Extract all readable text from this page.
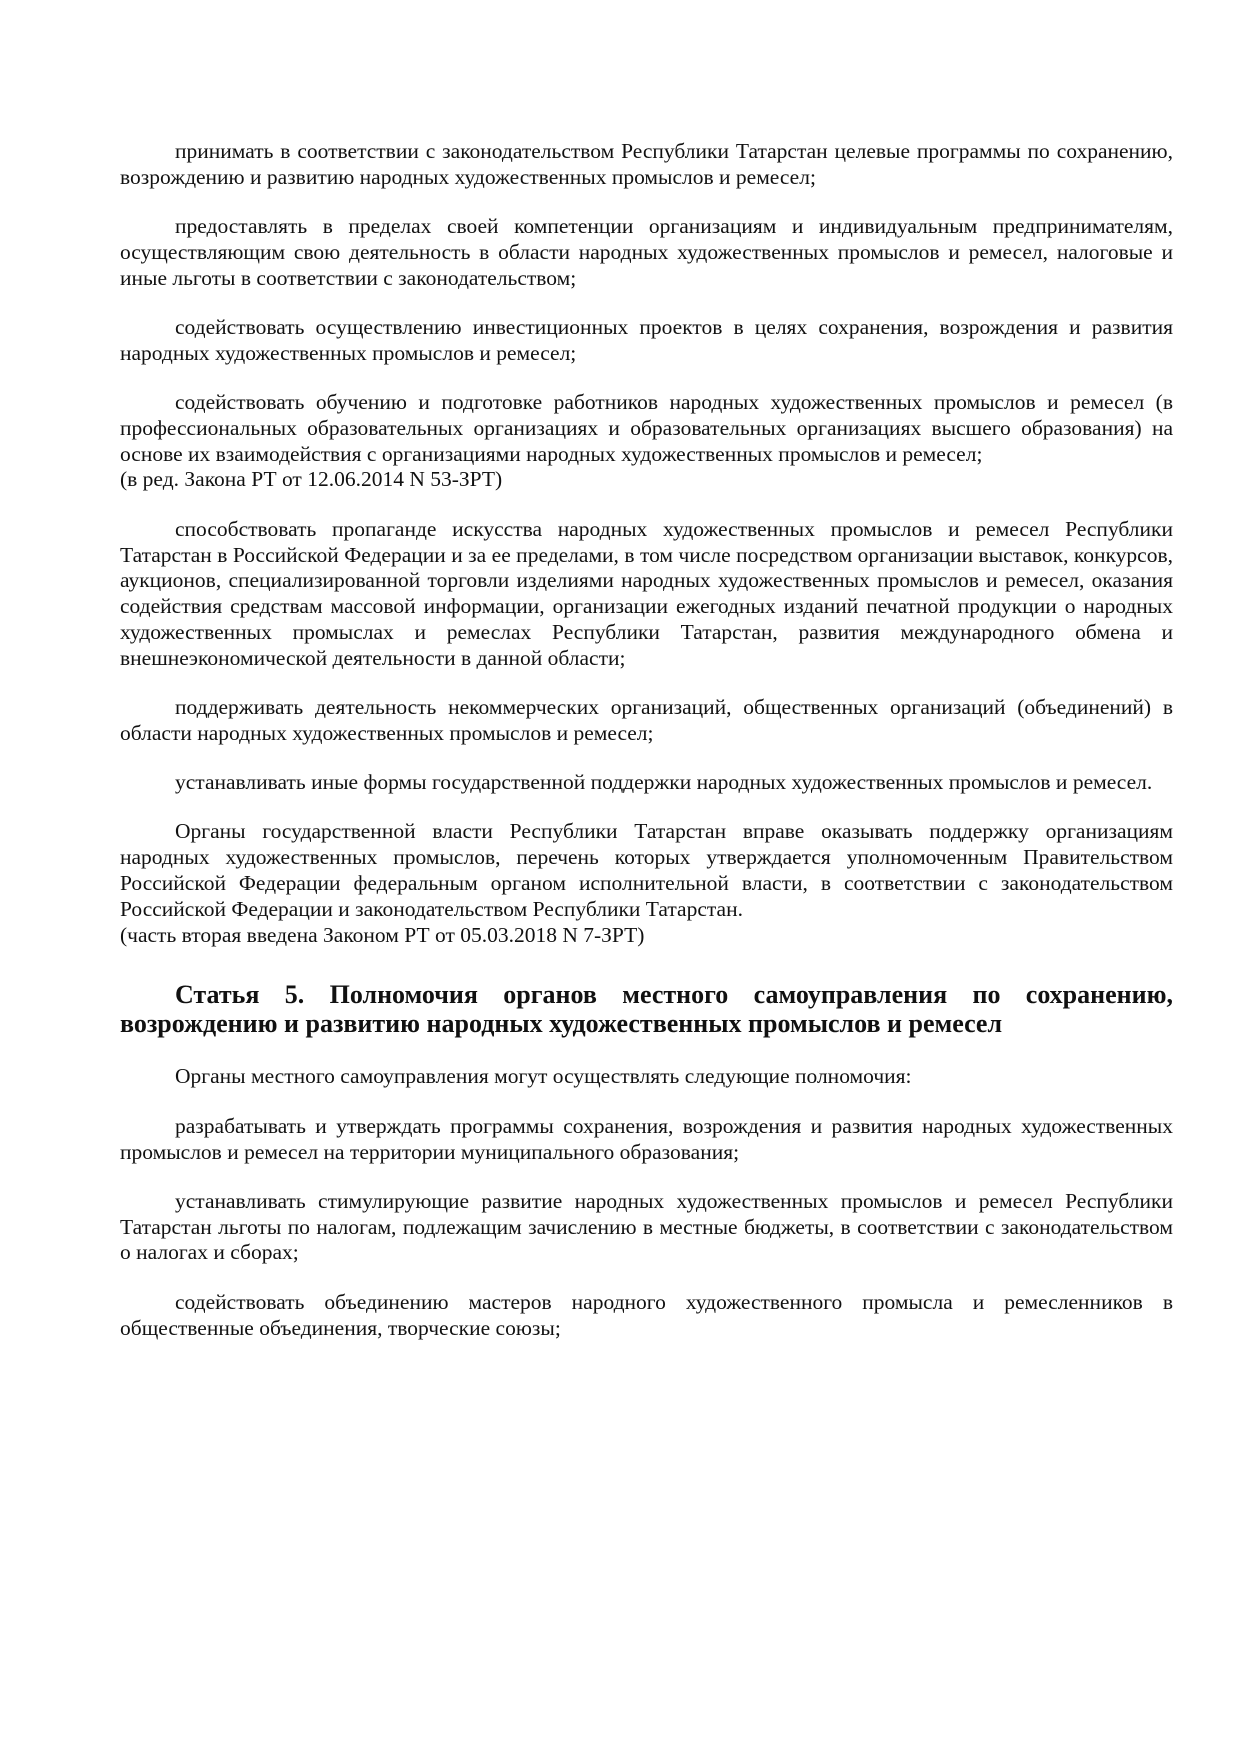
принимать в соответствии с законодательством Республики Татарстан целевые программы по сохранению, возрождению и развитию народных художественных промыслов и ремесел;

предоставлять в пределах своей компетенции организациям и индивидуальным предпринимателям, осуществляющим свою деятельность в области народных художественных промыслов и ремесел, налоговые и иные льготы в соответствии с законодательством;

содействовать осуществлению инвестиционных проектов в целях сохранения, возрождения и развития народных художественных промыслов и ремесел;

содействовать обучению и подготовке работников народных художественных промыслов и ремесел (в профессиональных образовательных организациях и образовательных организациях высшего образования) на основе их взаимодействия с организациями народных художественных промыслов и ремесел;

(в ред. Закона РТ от 12.06.2014 N 53-ЗРТ)

способствовать пропаганде искусства народных художественных промыслов и ремесел Республики Татарстан в Российской Федерации и за ее пределами, в том числе посредством организации выставок, конкурсов, аукционов, специализированной торговли изделиями народных художественных промыслов и ремесел, оказания содействия средствам массовой информации, организации ежегодных изданий печатной продукции о народных художественных промыслах и ремеслах Республики Татарстан, развития международного обмена и внешнеэкономической деятельности в данной области;

поддерживать деятельность некоммерческих организаций, общественных организаций (объединений) в области народных художественных промыслов и ремесел;

устанавливать иные формы государственной поддержки народных художественных промыслов и ремесел.

Органы государственной власти Республики Татарстан вправе оказывать поддержку организациям народных художественных промыслов, перечень которых утверждается уполномоченным Правительством Российской Федерации федеральным органом исполнительной власти, в соответствии с законодательством Российской Федерации и законодательством Республики Татарстан.

(часть вторая введена Законом РТ от 05.03.2018 N 7-ЗРТ)

Статья 5. Полномочия органов местного самоуправления по сохранению, возрождению и развитию народных художественных промыслов и ремесел

Органы местного самоуправления могут осуществлять следующие полномочия:

разрабатывать и утверждать программы сохранения, возрождения и развития народных художественных промыслов и ремесел на территории муниципального образования;

устанавливать стимулирующие развитие народных художественных промыслов и ремесел Республики Татарстан льготы по налогам, подлежащим зачислению в местные бюджеты, в соответствии с законодательством о налогах и сборах;

содействовать объединению мастеров народного художественного промысла и ремесленников в общественные объединения, творческие союзы;
